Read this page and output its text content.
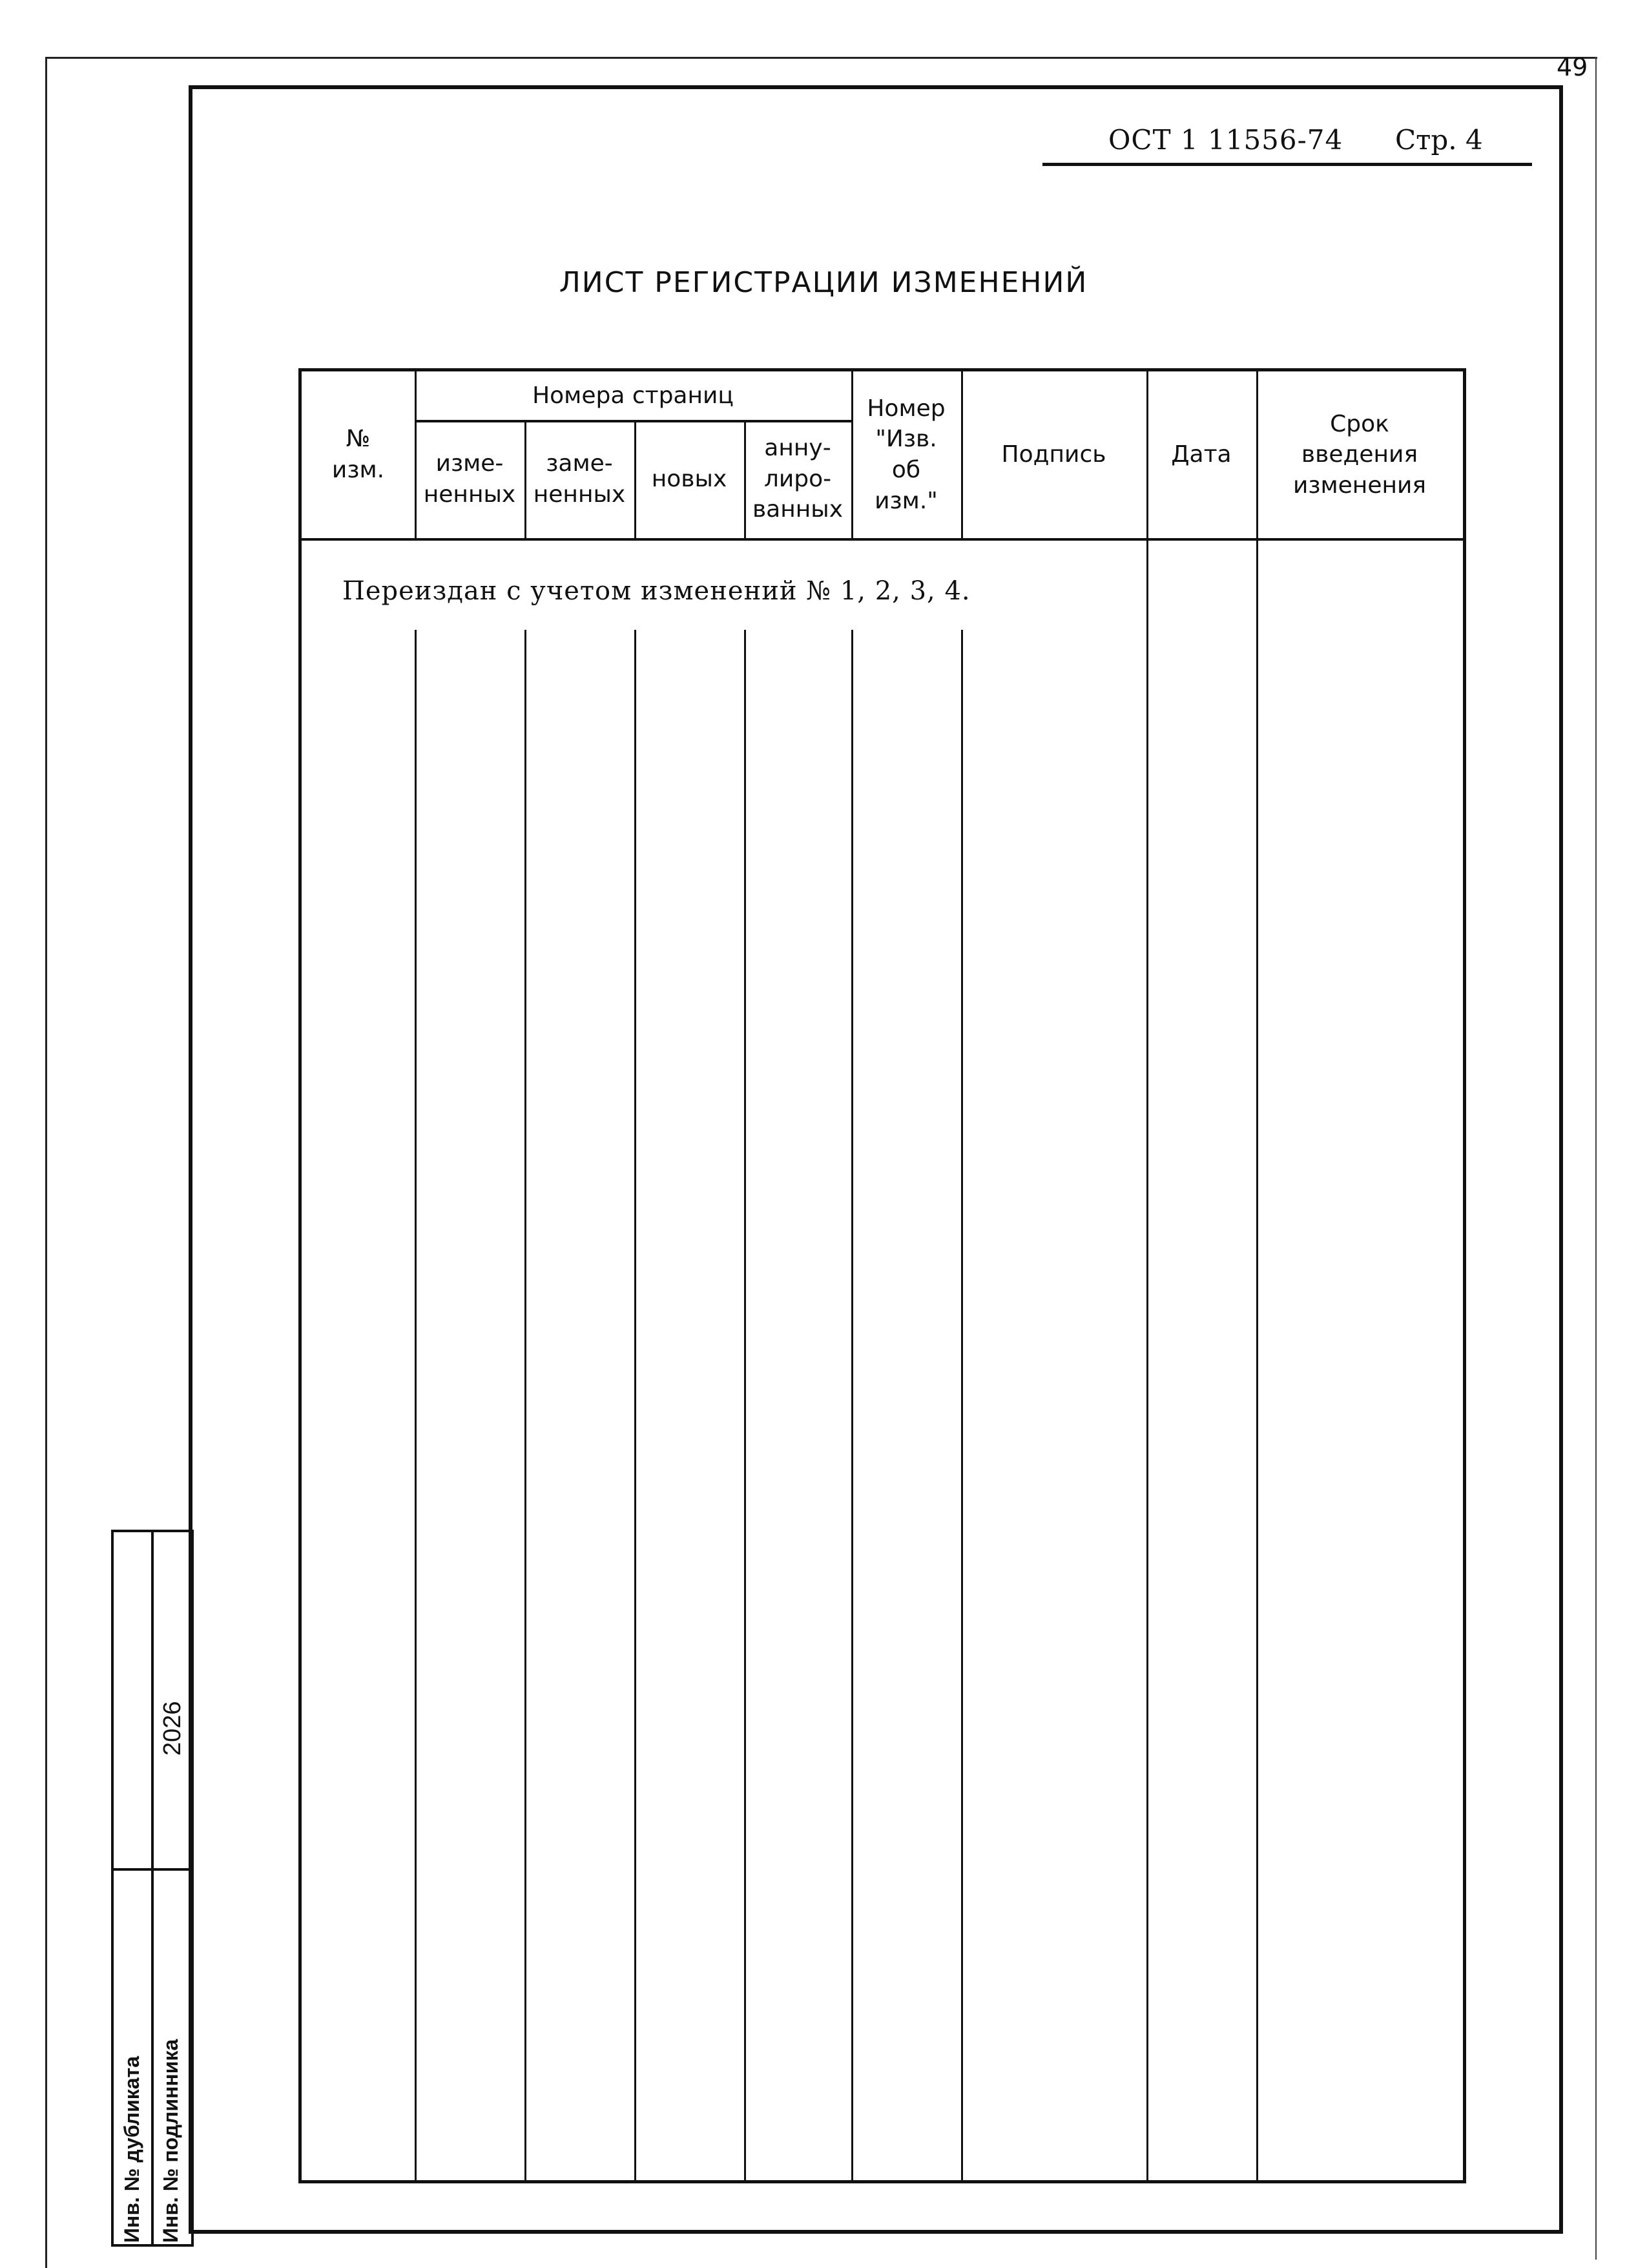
49
ОСТ 1 11556-74 Стр. 4
ЛИСТ РЕГИСТРАЦИИ ИЗМЕНЕНИЙ
№
изм.
Номера страниц
изме-
ненных
заме-
ненных
новых
анну-
лиро-
ванных
Номер
"Изв.
об
изм."
Подпись	Дата
Срок
введения
изменения
Переиздан с учетом изменений № 1, 2, 3, 4.
Инв. № дубликата Инв. № подлинника
2026
